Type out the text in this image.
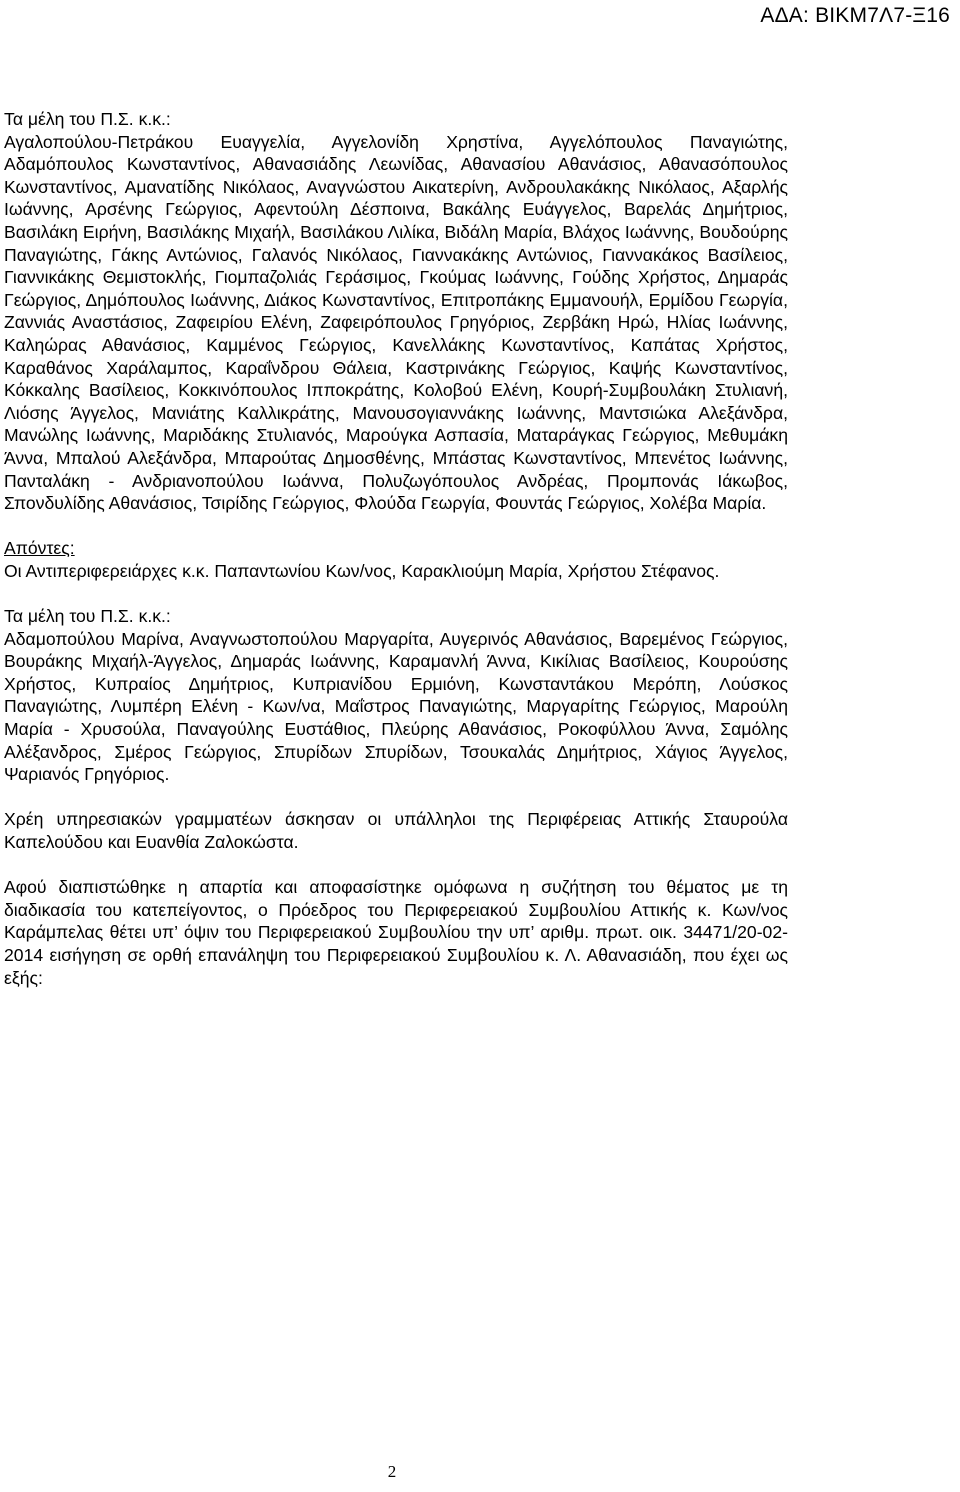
ΑΔΑ: ΒΙΚΜ7Λ7-Ξ16

Τα μέλη του Π.Σ. κ.κ.:

Αγαλοπούλου-Πετράκου Ευαγγελία, Αγγελονίδη Χρηστίνα, Αγγελόπουλος Παναγιώτης, Αδαμόπουλος Κωνσταντίνος, Αθανασιάδης Λεωνίδας, Αθανασίου Αθανάσιος, Αθανασόπουλος Κωνσταντίνος, Αμανατίδης Νικόλαος, Αναγνώστου Αικατερίνη, Ανδρουλακάκης Νικόλαος, Αξαρλής Ιωάννης, Αρσένης Γεώργιος, Αφεντούλη Δέσποινα, Βακάλης Ευάγγελος, Βαρελάς Δημήτριος, Βασιλάκη Ειρήνη, Βασιλάκης Μιχαήλ, Βασιλάκου Λιλίκα, Βιδάλη Μαρία, Βλάχος Ιωάννης, Βουδούρης Παναγιώτης, Γάκης Αντώνιος, Γαλανός Νικόλαος, Γιαννακάκης Αντώνιος, Γιαννακάκος Βασίλειος, Γιαννικάκης Θεμιστοκλής, Γιομπαζολιάς Γεράσιμος, Γκούμας Ιωάννης, Γούδης Χρήστος, Δημαράς Γεώργιος, Δημόπουλος Ιωάννης, Διάκος Κωνσταντίνος, Επιτροπάκης Εμμανουήλ, Ερμίδου Γεωργία, Ζαννιάς Αναστάσιος, Ζαφειρίου Ελένη, Ζαφειρόπουλος Γρηγόριος, Ζερβάκη Ηρώ, Ηλίας Ιωάννης, Καληώρας Αθανάσιος, Καμμένος Γεώργιος, Κανελλάκης Κωνσταντίνος, Καπάτας Χρήστος, Καραθάνος Χαράλαμπος, Καραΐνδρου Θάλεια, Καστρινάκης Γεώργιος, Καψής Κωνσταντίνος, Κόκκαλης Βασίλειος, Κοκκινόπουλος Ιπποκράτης, Κολοβού Ελένη, Κουρή-Συμβουλάκη Στυλιανή, Λιόσης Άγγελος, Μανιάτης Καλλικράτης, Μανουσογιαννάκης Ιωάννης, Μαντσιώκα Αλεξάνδρα, Μανώλης Ιωάννης, Μαριδάκης Στυλιανός, Μαρούγκα Ασπασία, Ματαράγκας Γεώργιος, Μεθυμάκη Άννα, Μπαλού Αλεξάνδρα, Μπαρούτας Δημοσθένης, Μπάστας Κωνσταντίνος, Μπενέτος Ιωάννης, Πανταλάκη - Ανδριανοπούλου Ιωάννα, Πολυζωγόπουλος Ανδρέας, Προμπονάς Ιάκωβος, Σπονδυλίδης Αθανάσιος, Τσιρίδης Γεώργιος, Φλούδα Γεωργία, Φουντάς Γεώργιος, Χολέβα Μαρία.

Απόντες:

Οι Αντιπεριφερειάρχες κ.κ. Παπαντωνίου Κων/νος, Καρακλιούμη Μαρία, Χρήστου Στέφανος.

Τα μέλη του Π.Σ. κ.κ.:

Αδαμοπούλου Μαρίνα, Αναγνωστοπούλου Μαργαρίτα, Αυγερινός Αθανάσιος, Βαρεμένος Γεώργιος, Βουράκης Μιχαήλ-Άγγελος, Δημαράς Ιωάννης, Καραμανλή Άννα, Κικίλιας Βασίλειος, Κουρούσης Χρήστος, Κυπραίος Δημήτριος, Κυπριανίδου Ερμιόνη, Κωνσταντάκου Μερόπη, Λούσκος Παναγιώτης, Λυμπέρη Ελένη - Κων/να, Μαΐστρος Παναγιώτης, Μαργαρίτης Γεώργιος, Μαρούλη Μαρία - Χρυσούλα, Παναγούλης Ευστάθιος, Πλεύρης Αθανάσιος, Ροκοφύλλου Άννα, Σαμόλης Αλέξανδρος, Σμέρος Γεώργιος, Σπυρίδων Σπυρίδων, Τσουκαλάς Δημήτριος, Χάγιος Άγγελος, Ψαριανός Γρηγόριος.

Χρέη υπηρεσιακών γραμματέων άσκησαν οι υπάλληλοι της Περιφέρειας Αττικής Σταυρούλα Καπελούδου και Ευανθία Ζαλοκώστα.

Αφού διαπιστώθηκε η απαρτία και αποφασίστηκε ομόφωνα η συζήτηση του θέματος με τη διαδικασία του κατεπείγοντος, ο Πρόεδρος του Περιφερειακού Συμβουλίου Αττικής κ. Κων/νος Καράμπελας θέτει υπ’ όψιν του Περιφερειακού Συμβουλίου την υπ’ αριθμ. πρωτ. οικ. 34471/20-02-2014 εισήγηση σε ορθή επανάληψη του Περιφερειακού Συμβουλίου κ. Λ. Αθανασιάδη, που έχει ως εξής:

2
